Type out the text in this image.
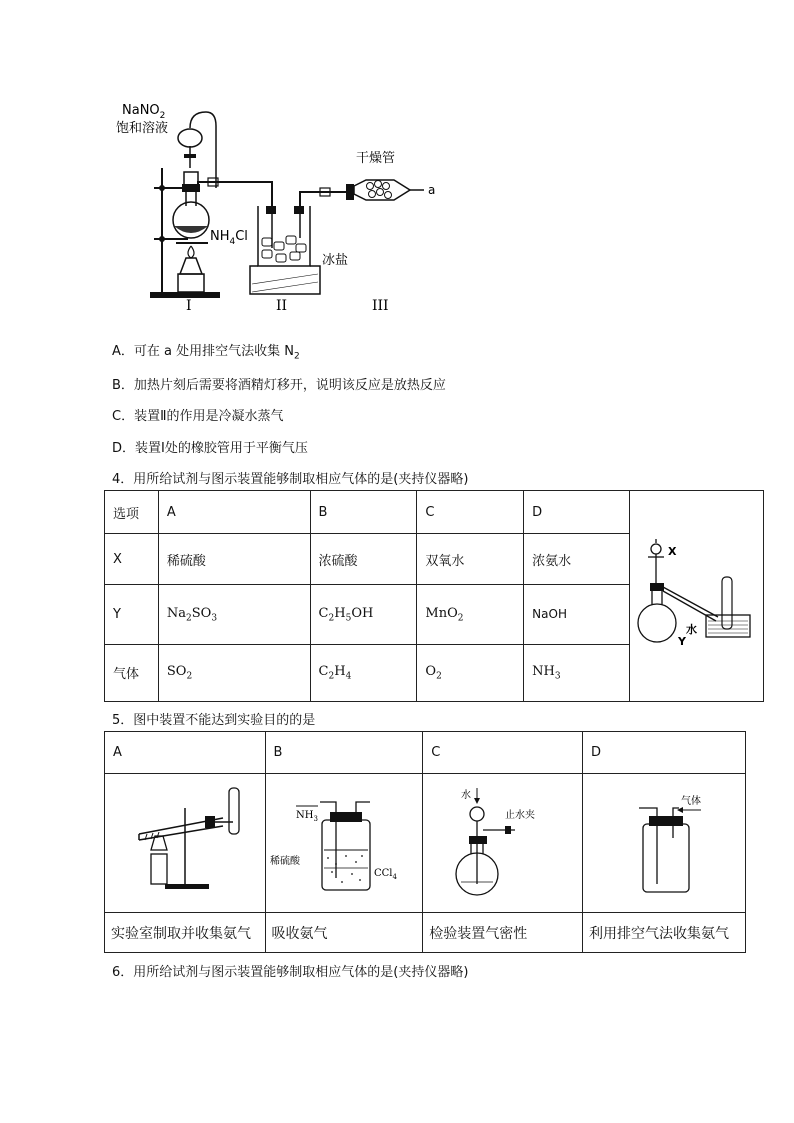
NaNO$_2$
饱和溶液
$NH_4Cl$
I
冰盐
II
a
干燥管
III
A．可在 a 处用排空气法收集 $N_2$
B．加热片刻后需要将酒精灯移开，说明该反应是放热反应
C．装置Ⅱ的作用是冷凝水蒸气
D．装置Ⅰ处的橡胶管用于平衡气压
4．用所给试剂与图示装置能够制取相应气体的是(夹持仪器略)
选项	A	B	C	D	X
Y
水

X	稀硫酸	浓硫酸	双氧水	浓氨水	
Y	$Na_2SO_3$	$C_2H_5OH$	MnO$_2$	NaOH	
气体	$SO_2$	$C_2H_4$	$O_2$	$NH_3$
5．图中装置不能达到实验目的的是
A	B	C	D

$NH_3$
稀硫酸
CCl$_4$	水
止水夹	气体

实验室制取并收集氨气	吸收氨气	检验装置气密性	利用排空气法收集氨气
6．用所给试剂与图示装置能够制取相应气体的是(夹持仪器略)
